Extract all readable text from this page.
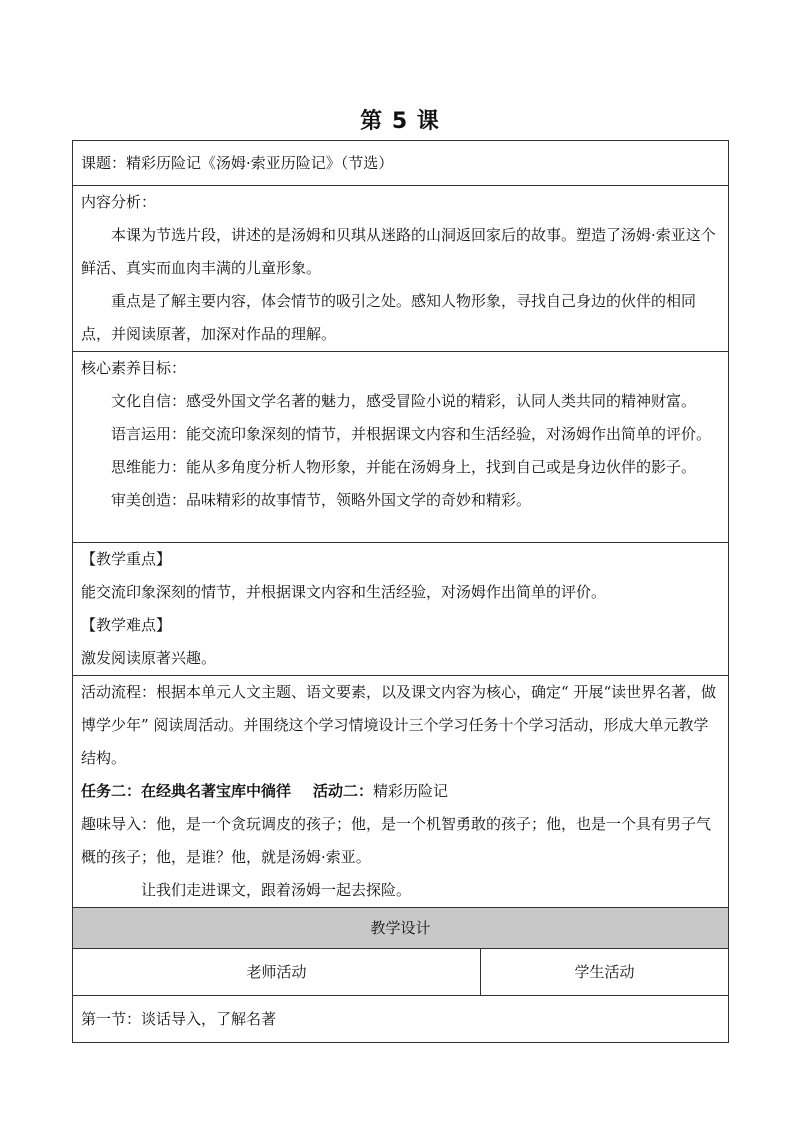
第 5 课

课题：精彩历险记《汤姆·索亚历险记》（节选）

内容分析：

本课为节选片段，讲述的是汤姆和贝琪从迷路的山洞返回家后的故事。塑造了汤姆·索亚这个鲜活、真实而血肉丰满的儿童形象。

重点是了解主要内容，体会情节的吸引之处。感知人物形象，寻找自己身边的伙伴的相同点，并阅读原著，加深对作品的理解。

核心素养目标：

文化自信：感受外国文学名著的魅力，感受冒险小说的精彩，认同人类共同的精神财富。

语言运用：能交流印象深刻的情节，并根据课文内容和生活经验，对汤姆作出简单的评价。

思维能力：能从多角度分析人物形象，并能在汤姆身上，找到自己或是身边伙伴的影子。

审美创造：品味精彩的故事情节，领略外国文学的奇妙和精彩。

【教学重点】

能交流印象深刻的情节，并根据课文内容和生活经验，对汤姆作出简单的评价。

【教学难点】

激发阅读原著兴趣。

活动流程：根据本单元人文主题、语文要素，以及课文内容为核心，确定“ 开展“读世界名著，做博学少年” 阅读周活动。并围绕这个学习情境设计三个学习任务十个学习活动，形成大单元教学结构。

任务二：在经典名著宝库中徜徉 活动二：精彩历险记

趣味导入：他，是一个贪玩调皮的孩子；他，是一个机智勇敢的孩子；他，也是一个具有男子气概的孩子；他，是谁？他，就是汤姆·索亚。

让我们走进课文，跟着汤姆一起去探险。

教学设计

老师活动	学生活动

第一节：谈话导入，了解名著
